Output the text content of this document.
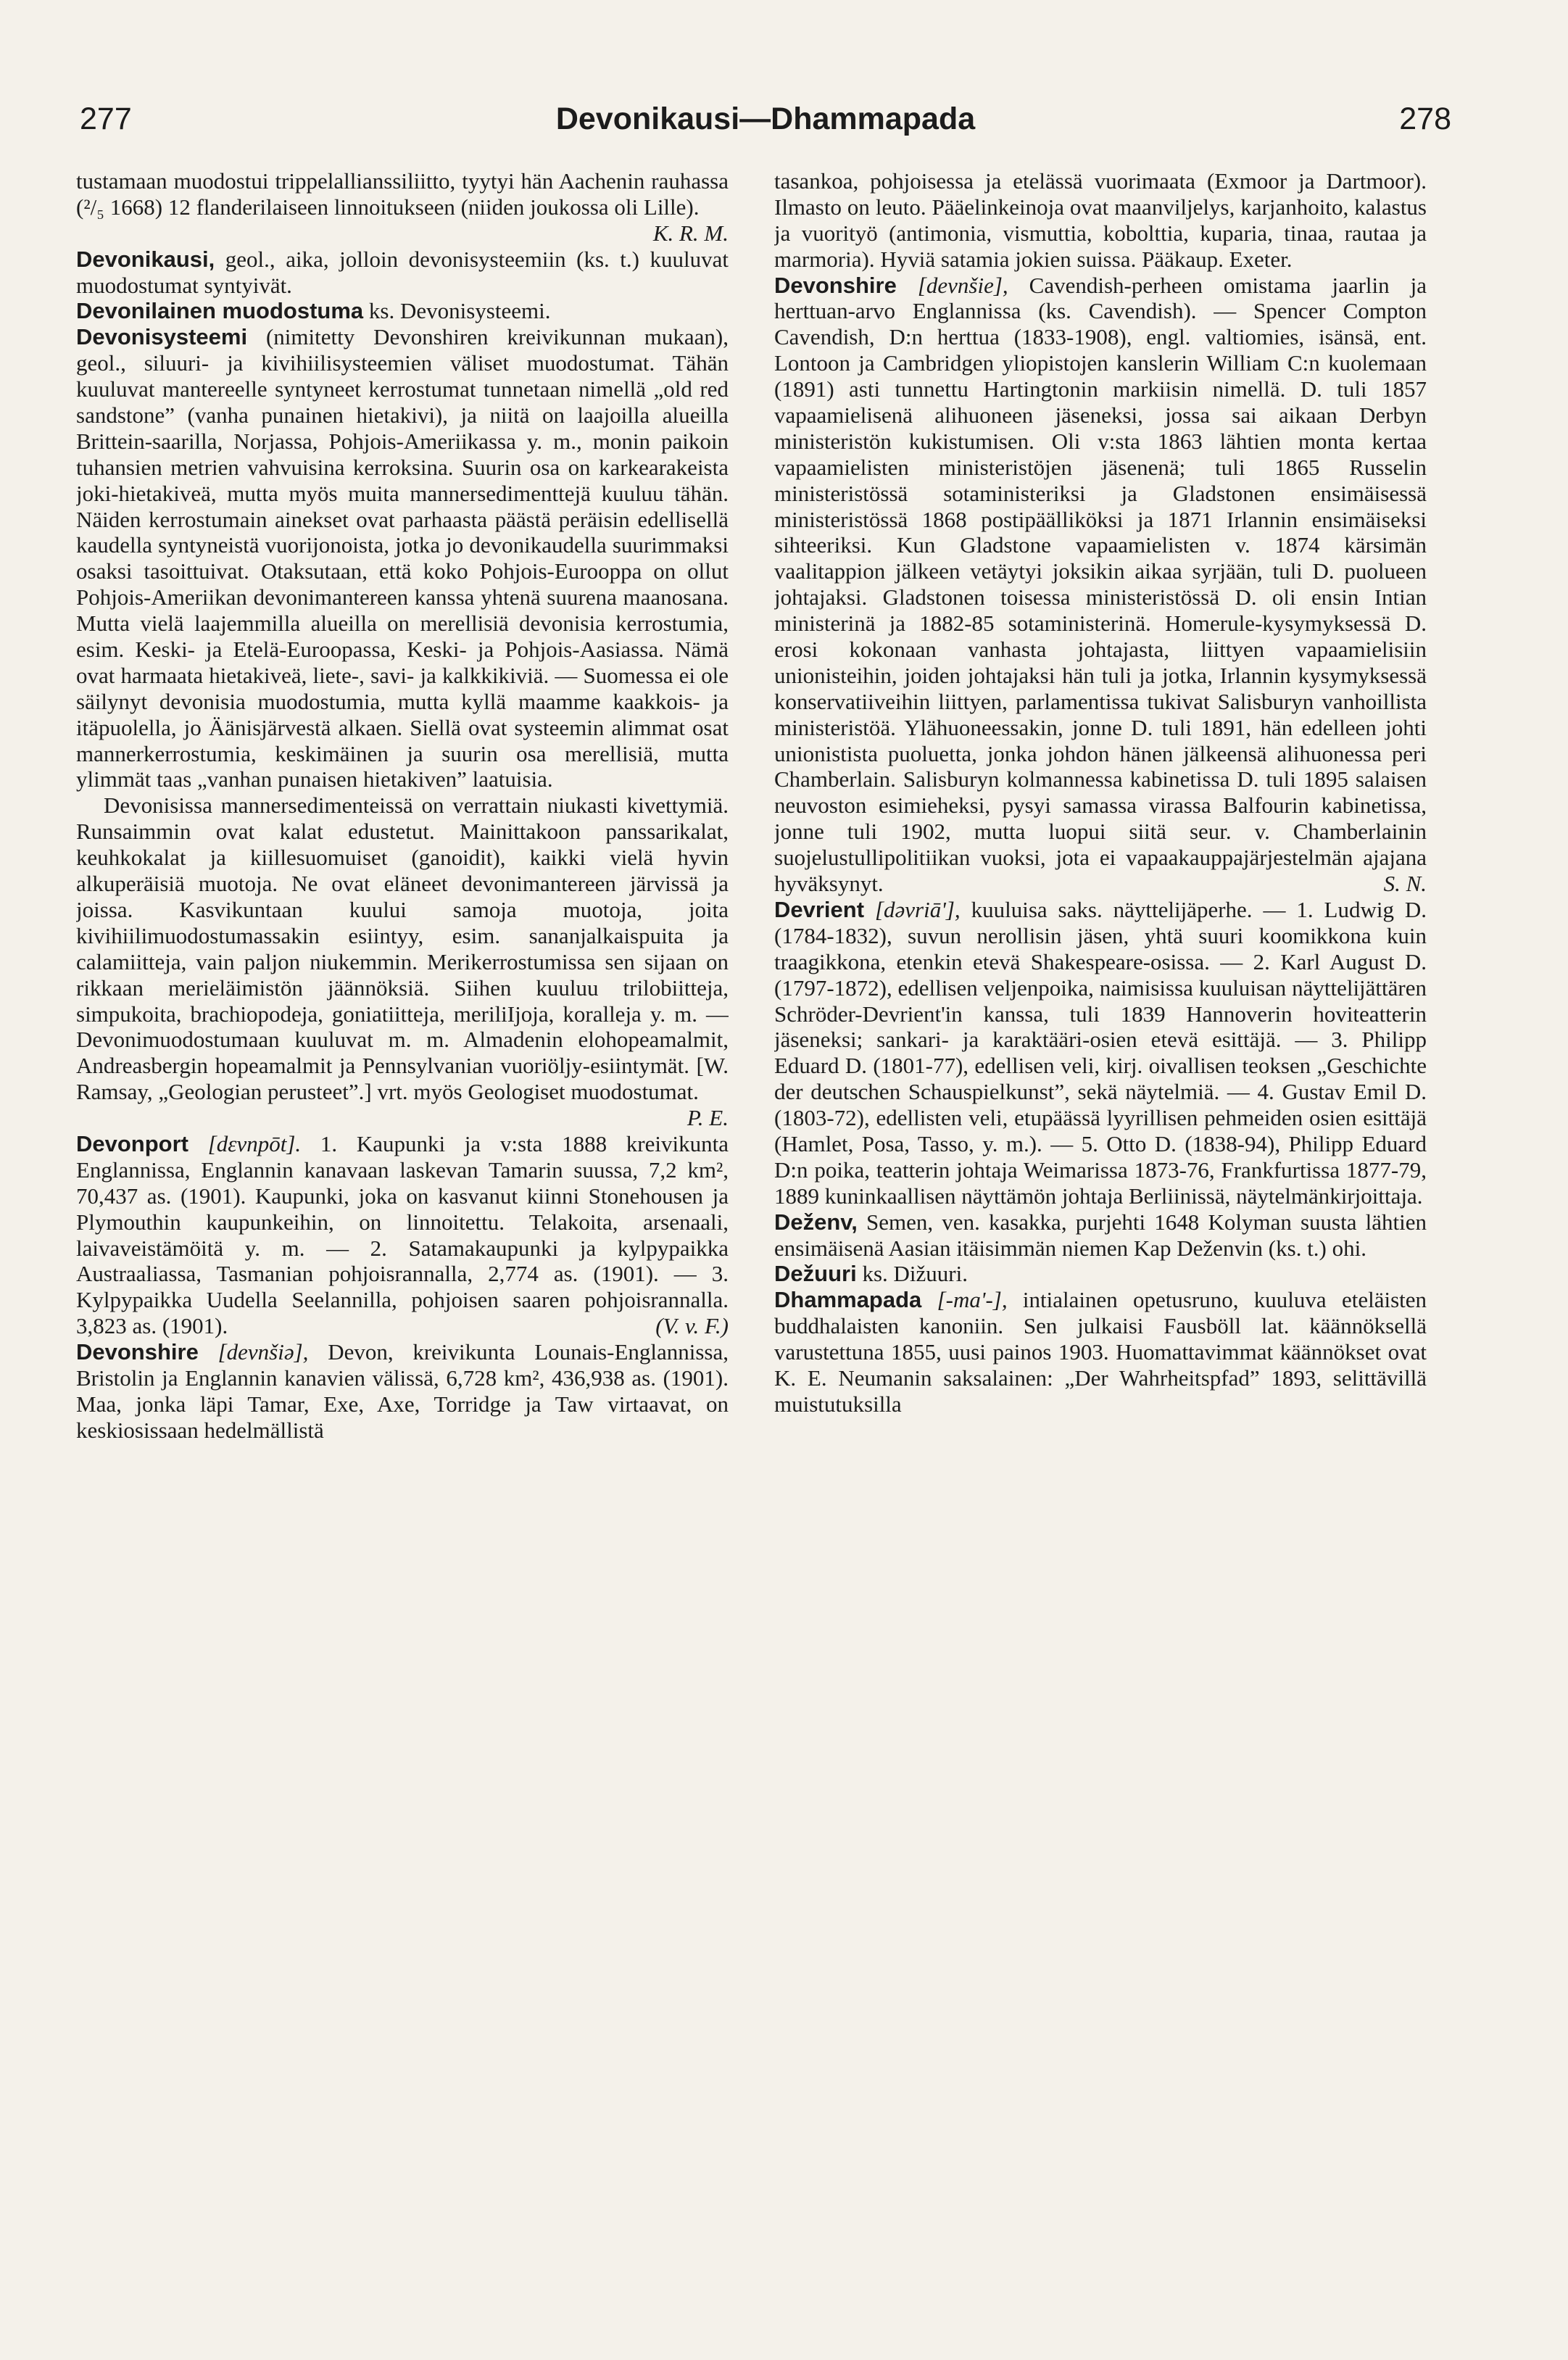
277	Devonikausi—Dhammapada	278

tustamaan muodostui trippelallianssiliitto, tyytyi hän Aachenin rauhassa (²/₅ 1668) 12 flanderilaiseen linnoitukseen (niiden joukossa oli Lille).
K. R. M.

Devonikausi, geol., aika, jolloin devonisysteemiin (ks. t.) kuuluvat muodostumat syntyivät.

Devonilainen muodostuma ks. Devonisysteemi.

Devonisysteemi (nimitetty Devonshiren kreivikunnan mukaan), geol., siluuri- ja kivihiilisysteemien väliset muodostumat. Tähän kuuluvat mantereelle syntyneet kerrostumat tunnetaan nimellä „old red sandstone” (vanha punainen hietakivi), ja niitä on laajoilla alueilla Brittein-saarilla, Norjassa, Pohjois-Ameriikassa y. m., monin paikoin tuhansien metrien vahvuisina kerroksina. Suurin osa on karkearakeista joki-hietakiveä, mutta myös muita mannersedimenttejä kuuluu tähän. Näiden kerrostumain ainekset ovat parhaasta päästä peräisin edellisellä kaudella syntyneistä vuorijonoista, jotka jo devonikaudella suurimmaksi osaksi tasoittuivat. Otaksutaan, että koko Pohjois-Eurooppa on ollut Pohjois-Ameriikan devonimantereen kanssa yhtenä suurena maanosana. Mutta vielä laajemmilla alueilla on merellisiä devonisia kerrostumia, esim. Keski- ja Etelä-Euroopassa, Keski- ja Pohjois-Aasiassa. Nämä ovat harmaata hietakiveä, liete-, savi- ja kalkkikiviä. — Suomessa ei ole säilynyt devonisia muodostumia, mutta kyllä maamme kaakkois- ja itäpuolella, jo Äänisjärvestä alkaen. Siellä ovat systeemin alimmat osat mannerkerrostumia, keskimäinen ja suurin osa merellisiä, mutta ylimmät taas „vanhan punaisen hietakiven” laatuisia.

Devonisissa mannersedimenteissä on verrattain niukasti kivettymiä. Runsaimmin ovat kalat edustetut. Mainittakoon panssarikalat, keuhkokalat ja kiillesuomuiset (ganoidit), kaikki vielä hyvin alkuperäisiä muotoja. Ne ovat eläneet devonimantereen järvissä ja joissa. Kasvikuntaan kuului samoja muotoja, joita kivihiilimuodostumassakin esiintyy, esim. sananjalkaispuita ja calamiitteja, vain paljon niukemmin. Merikerrostumissa sen sijaan on rikkaan merieläimistön jäännöksiä. Siihen kuuluu trilobiitteja, simpukoita, brachiopodeja, goniatiitteja, meriliIjoja, koralleja y. m. — Devonimuodostumaan kuuluvat m. m. Almadenin elohopeamalmit, Andreasbergin hopeamalmit ja Pennsylvanian vuoriöljy-esiintymät. [W. Ramsay, „Geologian perusteet”.] vrt. myös Geologiset muodostumat.
P. E.

Devonport [dεvnpōt]. 1. Kaupunki ja v:sta 1888 kreivikunta Englannissa, Englannin kanavaan laskevan Tamarin suussa, 7,2 km², 70,437 as. (1901). Kaupunki, joka on kasvanut kiinni Stonehousen ja Plymouthin kaupunkeihin, on linnoitettu. Telakoita, arsenaali, laivaveistämöitä y. m. — 2. Satamakaupunki ja kylpypaikka Austraaliassa, Tasmanian pohjoisrannalla, 2,774 as. (1901). — 3. Kylpypaikka Uudella Seelannilla, pohjoisen saaren pohjoisrannalla. 3,823 as. (1901).	(V. v. F.)

Devonshire [devnšiə], Devon, kreivikunta Lounais-Englannissa, Bristolin ja Englannin kanavien välissä, 6,728 km², 436,938 as. (1901). Maa, jonka läpi Tamar, Exe, Axe, Torridge ja Taw virtaavat, on keskiosissaan hedelmällistä

tasankoa, pohjoisessa ja etelässä vuorimaata (Exmoor ja Dartmoor). Ilmasto on leuto. Pääelinkeinoja ovat maanviljelys, karjanhoito, kalastus ja vuorityö (antimonia, vismuttia, kobolttia, kuparia, tinaa, rautaa ja marmoria). Hyviä satamia jokien suissa. Pääkaup. Exeter.

Devonshire [devnšie], Cavendish-perheen omistama jaarlin ja herttuan-arvo Englannissa (ks. Cavendish). — Spencer Compton Cavendish, D:n herttua (1833-1908), engl. valtiomies, isänsä, ent. Lontoon ja Cambridgen yliopistojen kanslerin William C:n kuolemaan (1891) asti tunnettu Hartingtonin markiisin nimellä. D. tuli 1857 vapaamielisenä alihuoneen jäseneksi, jossa sai aikaan Derbyn ministeristön kukistumisen. Oli v:sta 1863 lähtien monta kertaa vapaamielisten ministeristöjen jäsenenä; tuli 1865 Russelin ministeristössä sotaministeriksi ja Gladstonen ensimäisessä ministeristössä 1868 postipäälliköksi ja 1871 Irlannin ensimäiseksi sihteeriksi. Kun Gladstone vapaamielisten v. 1874 kärsimän vaalitappion jälkeen vetäytyi joksikin aikaa syrjään, tuli D. puolueen johtajaksi. Gladstonen toisessa ministeristössä D. oli ensin Intian ministerinä ja 1882-85 sotaministerinä. Homerule-kysymyksessä D. erosi kokonaan vanhasta johtajasta, liittyen vapaamielisiin unionisteihin, joiden johtajaksi hän tuli ja jotka, Irlannin kysymyksessä konservatiiveihin liittyen, parlamentissa tukivat Salisburyn vanhoillista ministeristöä. Ylähuoneessakin, jonne D. tuli 1891, hän edelleen johti unionistista puoluetta, jonka johdon hänen jälkeensä alihuonessa peri Chamberlain. Salisburyn kolmannessa kabinetissa D. tuli 1895 salaisen neuvoston esimieheksi, pysyi samassa virassa Balfourin kabinetissa, jonne tuli 1902, mutta luopui siitä seur. v. Chamberlainin suojelustullipolitiikan vuoksi, jota ei vapaakauppajärjestelmän ajajana hyväksynyt.	S. N.

Devrient [dəvriā'], kuuluisa saks. näyttelijäperhe. — 1. Ludwig D. (1784-1832), suvun nerollisin jäsen, yhtä suuri koomikkona kuin traagikkona, etenkin etevä Shakespeare-osissa. — 2. Karl August D. (1797-1872), edellisen veljenpoika, naimisissa kuuluisan näyttelijättären Schröder-Devrient'in kanssa, tuli 1839 Hannoverin hoviteatterin jäseneksi; sankari- ja karaktääri-osien etevä esittäjä. — 3. Philipp Eduard D. (1801-77), edellisen veli, kirj. oivallisen teoksen „Geschichte der deutschen Schauspielkunst”, sekä näytelmiä. — 4. Gustav Emil D. (1803-72), edellisten veli, etupäässä lyyrillisen pehmeiden osien esittäjä (Hamlet, Posa, Tasso, y. m.). — 5. Otto D. (1838-94), Philipp Eduard D:n poika, teatterin johtaja Weimarissa 1873-76, Frankfurtissa 1877-79, 1889 kuninkaallisen näyttämön johtaja Berliinissä, näytelmänkirjoittaja.

Deženv, Semen, ven. kasakka, purjehti 1648 Kolyman suusta lähtien ensimäisenä Aasian itäisimmän niemen Kap Deženvin (ks. t.) ohi.

Dežuuri ks. Dižuuri.

Dhammapada [-ma'-], intialainen opetusruno, kuuluva eteläisten buddhalaisten kanoniin. Sen julkaisi Fausböll lat. käännöksellä varustettuna 1855, uusi painos 1903. Huomattavimmat käännökset ovat K. E. Neumanin saksalainen: „Der Wahrheitspfad” 1893, selittävillä muistutuksilla
